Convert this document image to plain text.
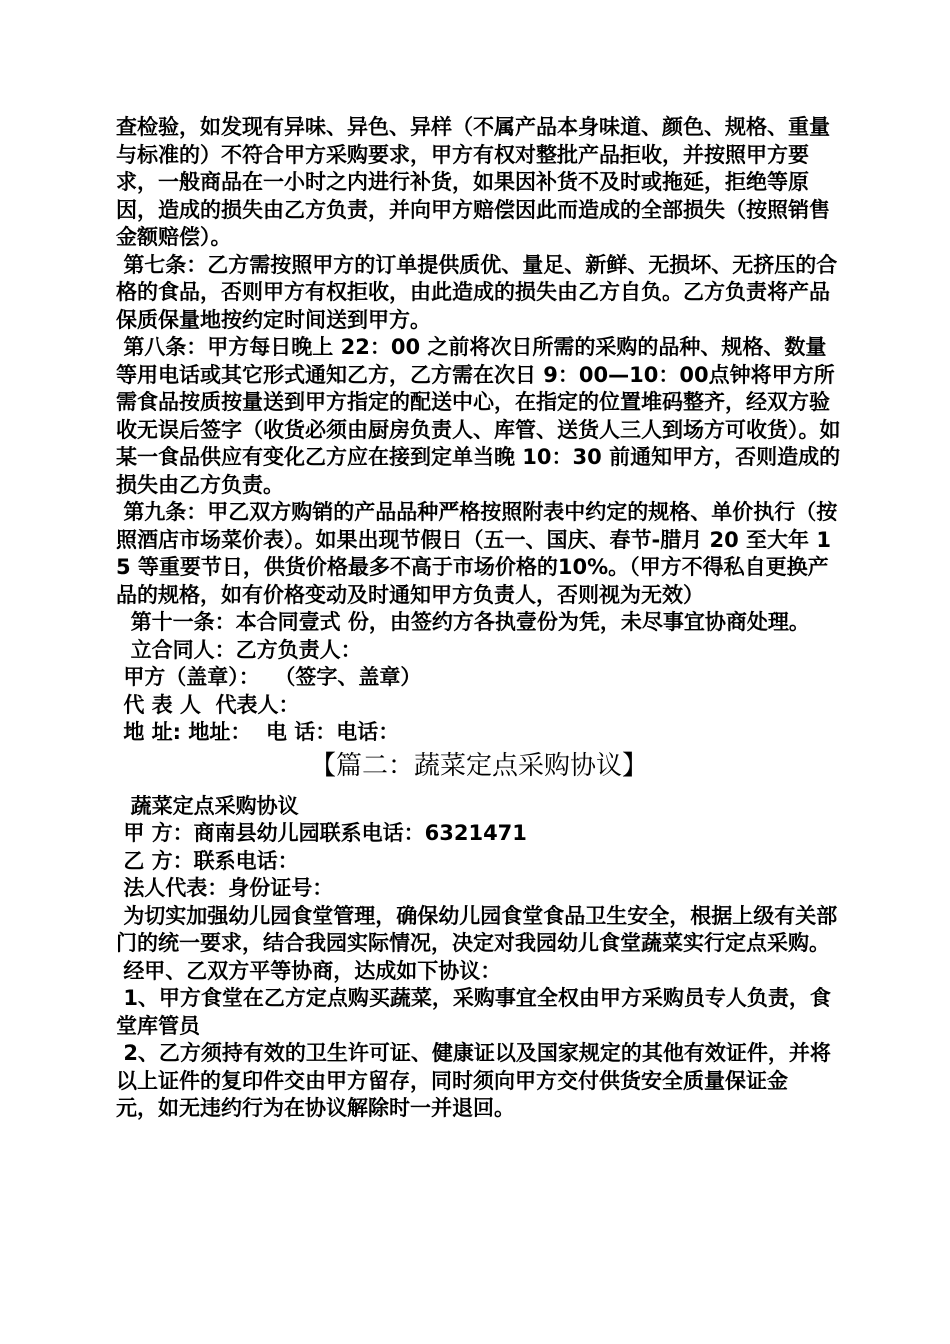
查检验，如发现有异味、异色、异样（不属产品本身味道、颜色、规格、重量与标准的）不符合甲方采购要求，甲方有权对整批产品拒收，并按照甲方要求，一般商品在一小时之内进行补货，如果因补货不及时或拖延，拒绝等原因，造成的损失由乙方负责，并向甲方赔偿因此而造成的全部损失（按照销售金额赔偿）。

第七条：乙方需按照甲方的订单提供质优、量足、新鲜、无损坏、无挤压的合格的食品，否则甲方有权拒收，由此造成的损失由乙方自负。乙方负责将产品保质保量地按约定时间送到甲方。

第八条：甲方每日晚上 22：00 之前将次日所需的采购的品种、规格、数量等用电话或其它形式通知乙方，乙方需在次日 9：00—10：00点钟将甲方所需食品按质按量送到甲方指定的配送中心，在指定的位置堆码整齐，经双方验收无误后签字（收货必须由厨房负责人、库管、送货人三人到场方可收货）。如某一食品供应有变化乙方应在接到定单当晚 10：30 前通知甲方，否则造成的损失由乙方负责。

第九条：甲乙双方购销的产品品种严格按照附表中约定的规格、单价执行（按照酒店市场菜价表）。如果出现节假日（五一、国庆、春节-腊月 20 至大年 15 等重要节日，供货价格最多不高于市场价格的10%。（甲方不得私自更换产品的规格，如有价格变动及时通知甲方负责人，否则视为无效）

第十一条：本合同壹式 份，由签约方各执壹份为凭，未尽事宜协商处理。

立合同人：乙方负责人：

甲方（盖章）：  （签字、盖章）

代 表 人  代表人：

地 址: 地址：  电 话：电话：

【篇二：蔬菜定点采购协议】

蔬菜定点采购协议

甲 方：商南县幼儿园联系电话：6321471

乙 方：联系电话：

法人代表：身份证号：

为切实加强幼儿园食堂管理，确保幼儿园食堂食品卫生安全，根据上级有关部门的统一要求，结合我园实际情况，决定对我园幼儿食堂蔬菜实行定点采购。

经甲、乙双方平等协商，达成如下协议：

1、甲方食堂在乙方定点购买蔬菜，采购事宜全权由甲方采购员专人负责，食堂库管员

2、乙方须持有效的卫生许可证、健康证以及国家规定的其他有效证件，并将以上证件的复印件交由甲方留存，同时须向甲方交付供货安全质量保证金  元，如无违约行为在协议解除时一并退回。
